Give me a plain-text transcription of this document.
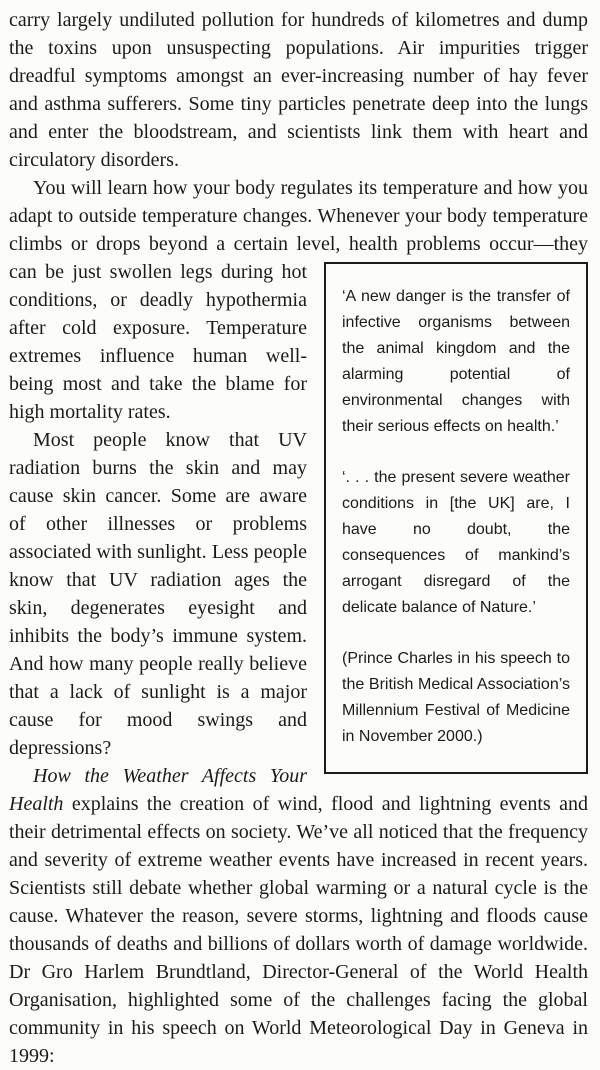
carry largely undiluted pollution for hundreds of kilometres and dump the toxins upon unsuspecting populations. Air impurities trigger dreadful symptoms amongst an ever-increasing number of hay fever and asthma sufferers. Some tiny particles penetrate deep into the lungs and enter the bloodstream, and scientists link them with heart and circulatory disorders.

You will learn how your body regulates its temperature and how you adapt to outside temperature changes. Whenever your body temperature climbs or drops beyond a certain level, health problems occur—they

‘A new danger is the transfer of infective organisms between the animal kingdom and the alarming potential of environmental changes with their serious effects on health.’

‘. . . the present severe weather conditions in [the UK] are, I have no doubt, the consequences of mankind’s arrogant disregard of the delicate balance of Nature.’

(Prince Charles in his speech to the British Medical Association’s Millennium Festival of Medicine in November 2000.)

can be just swollen legs during hot conditions, or deadly hypothermia after cold exposure. Temperature extremes influence human well-being most and take the blame for high mortality rates.

Most people know that UV radiation burns the skin and may cause skin cancer. Some are aware of other illnesses or problems associated with sunlight. Less people know that UV radiation ages the skin, degenerates eyesight and inhibits the body’s immune system. And how many people really believe that a lack of sunlight is a major cause for mood swings and depressions?

How the Weather Affects Your Health explains the creation of wind, flood and lightning events and their detrimental effects on society. We’ve all noticed that the frequency and severity of extreme weather events have increased in recent years. Scientists still debate whether global warming or a natural cycle is the cause. Whatever the reason, severe storms, lightning and floods cause thousands of deaths and billions of dollars worth of damage worldwide. Dr Gro Harlem Brundtland, Director-General of the World Health Organisation, highlighted some of the challenges facing the global community in his speech on World Meteorological Day in Geneva in 1999:
